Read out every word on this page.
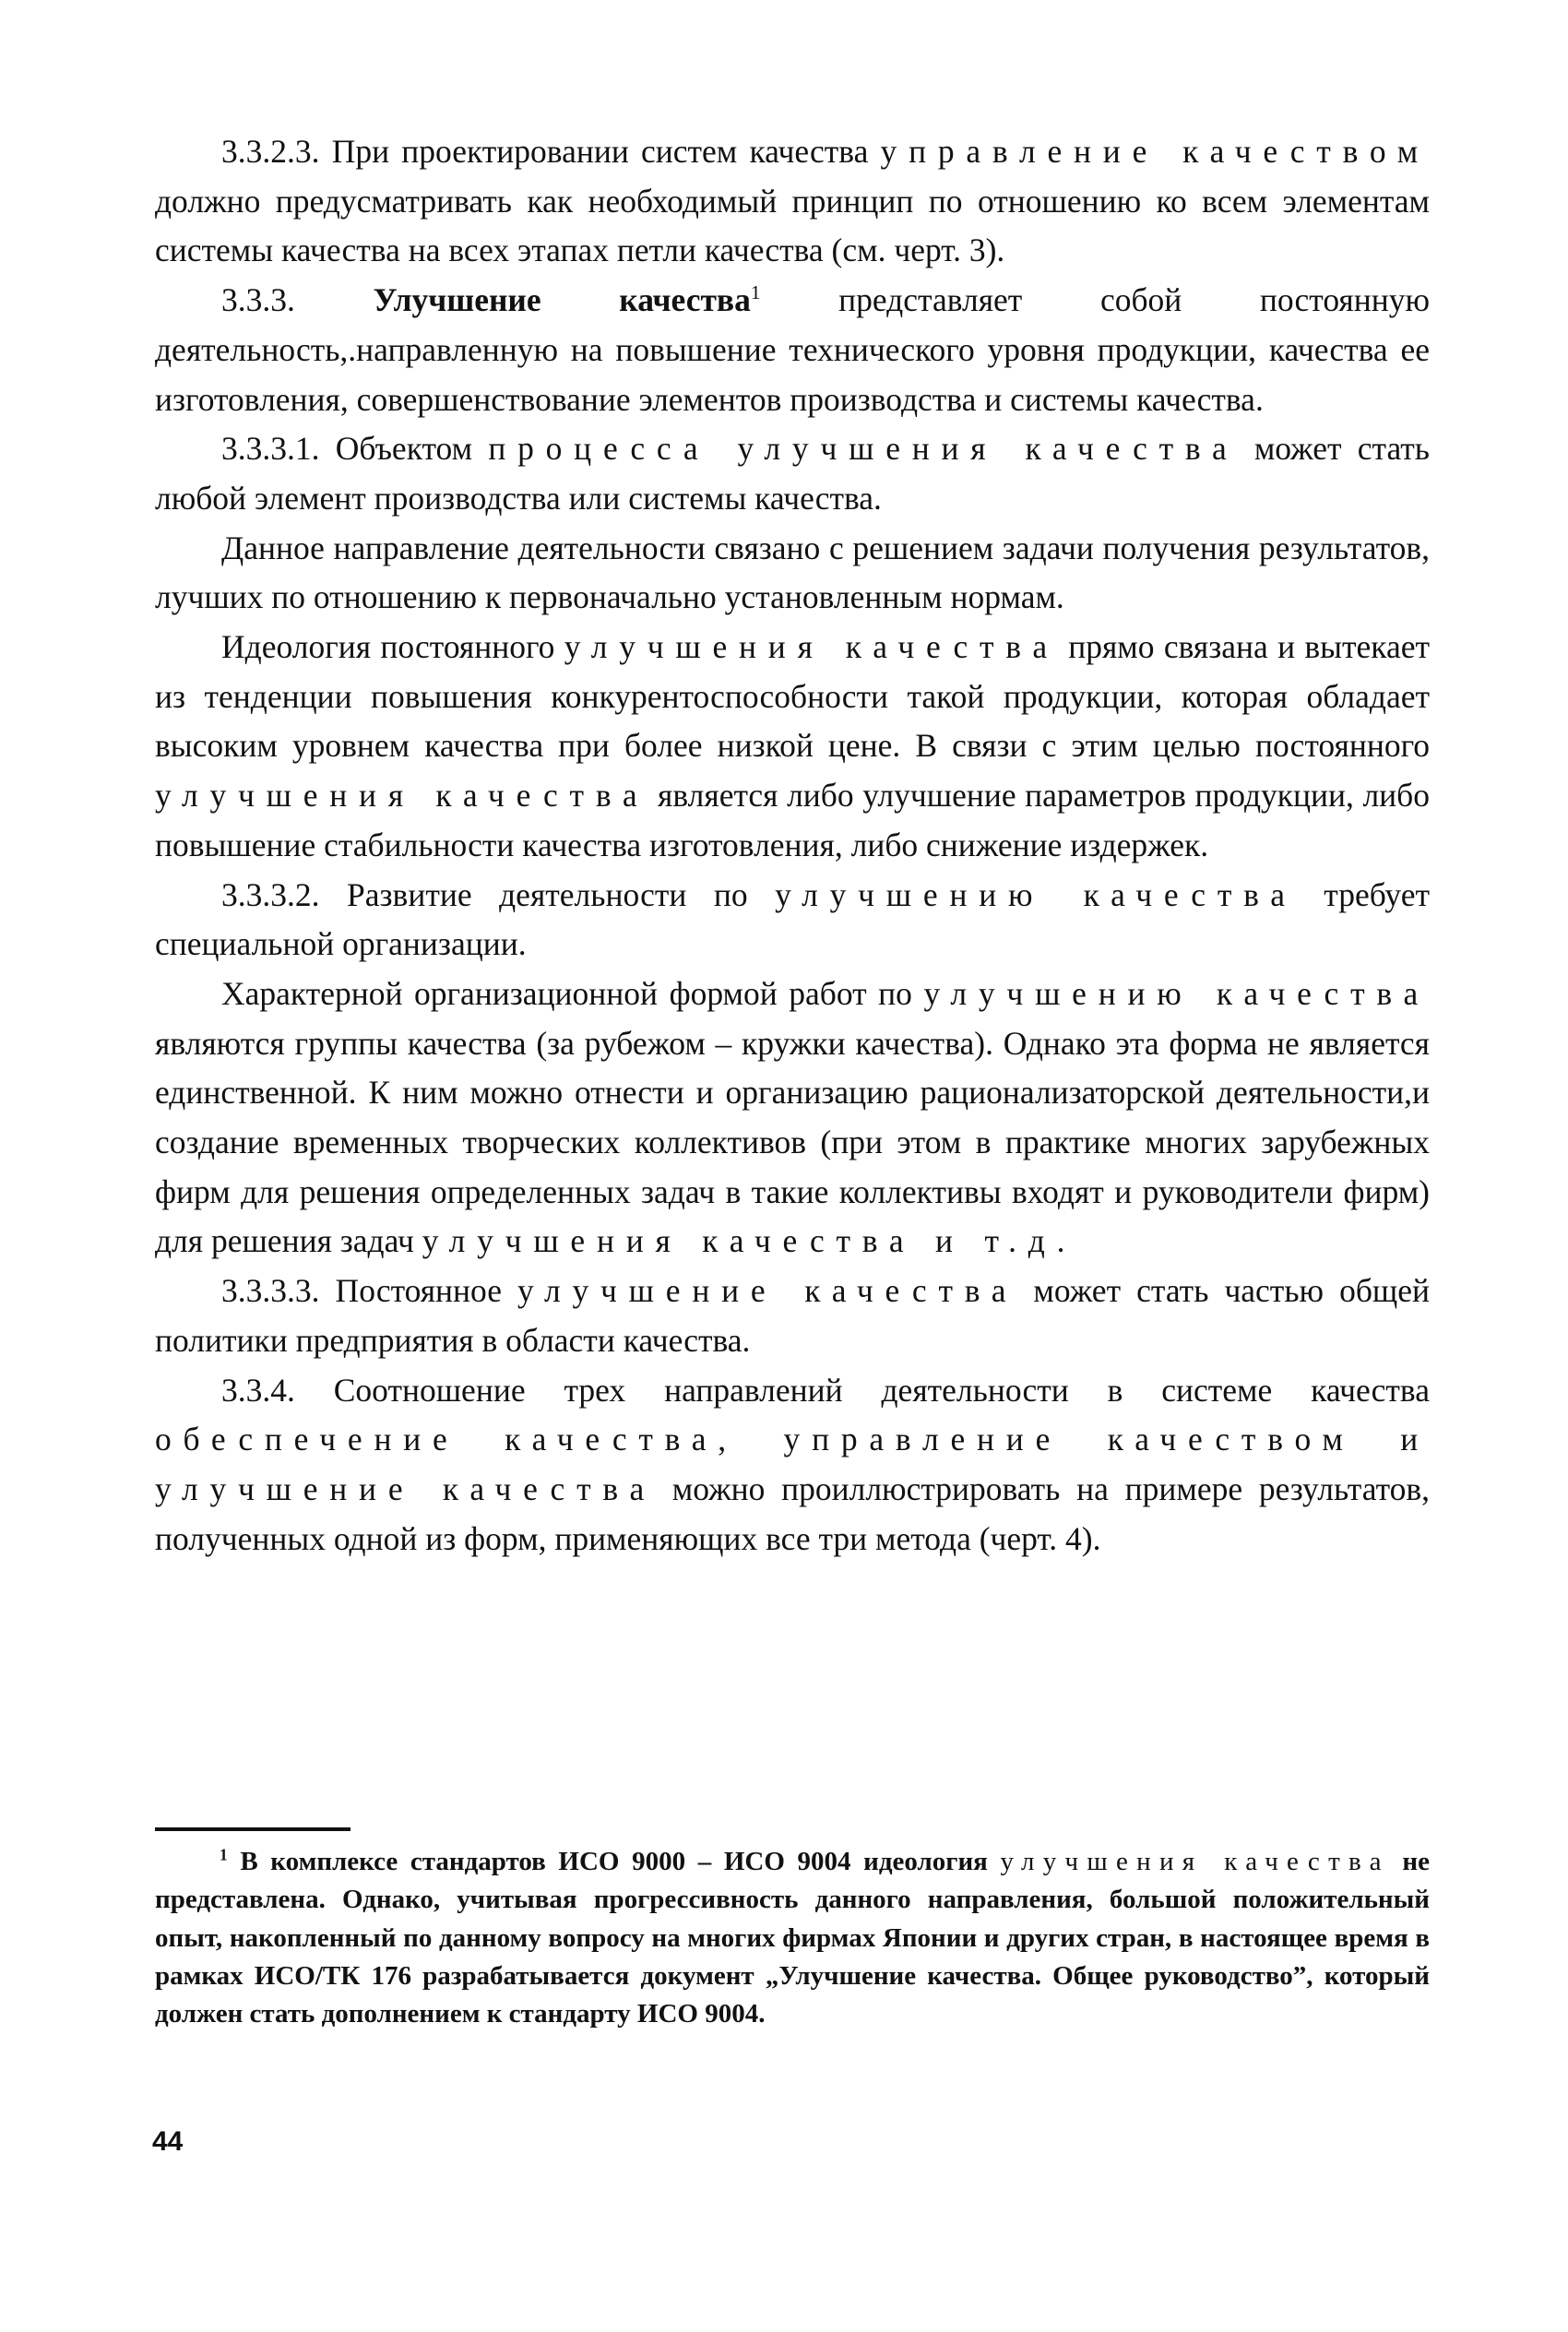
3.3.2.3. При проектировании систем качества управление качеством должно предусматривать как необходимый принцип по отношению ко всем элементам системы качества на всех этапах петли качества (см. черт. 3).

3.3.3. Улучшение качества$^1$ представляет собой постоянную деятельность,.направленную на повышение технического уровня продукции, качества ее изготовления, совершенствование элементов производства и системы качества.

3.3.3.1. Объектом процесса улучшения качества может стать любой элемент производства или системы качества.

Данное направление деятельности связано с решением задачи получения результатов, лучших по отношению к первоначально установленным нормам.

Идеология постоянного улучшения качества прямо связана и вытекает из тенденции повышения конкурентоспособности такой продукции, которая обладает высоким уровнем качества при более низкой цене. В связи с этим целью постоянного улучшения качества является либо улучшение параметров продукции, либо повышение стабильности качества изготовления, либо снижение издержек.

3.3.3.2. Развитие деятельности по улучшению качества требует специальной организации.

Характерной организационной формой работ по улучшению качества являются группы качества (за рубежом – кружки качества). Однако эта форма не является единственной. К ним можно отнести и организацию рационализаторской деятельности,и создание временных творческих коллективов (при этом в практике многих зарубежных фирм для решения определенных задач в такие коллективы входят и руководители фирм) для решения задач улучшения качества и т.д.

3.3.3.3. Постоянное улучшение качества может стать частью общей политики предприятия в области качества.

3.3.4. Соотношение трех направлений деятельности в системе качества обеспечение качества, управление качеством и улучшение качества можно проиллюстрировать на примере результатов, полученных одной из форм, применяющих все три метода (черт. 4).

$^1$ В комплексе стандартов ИСО 9000 – ИСО 9004 идеология улучшения качества не представлена. Однако, учитывая прогрессивность данного направления, большой положительный опыт, накопленный по данному вопросу на многих фирмах Японии и других стран, в настоящее время в рамках ИСО/ТК 176 разрабатывается документ „Улучшение качества. Общее руководство”, который должен стать дополнением к стандарту ИСО 9004.

44
